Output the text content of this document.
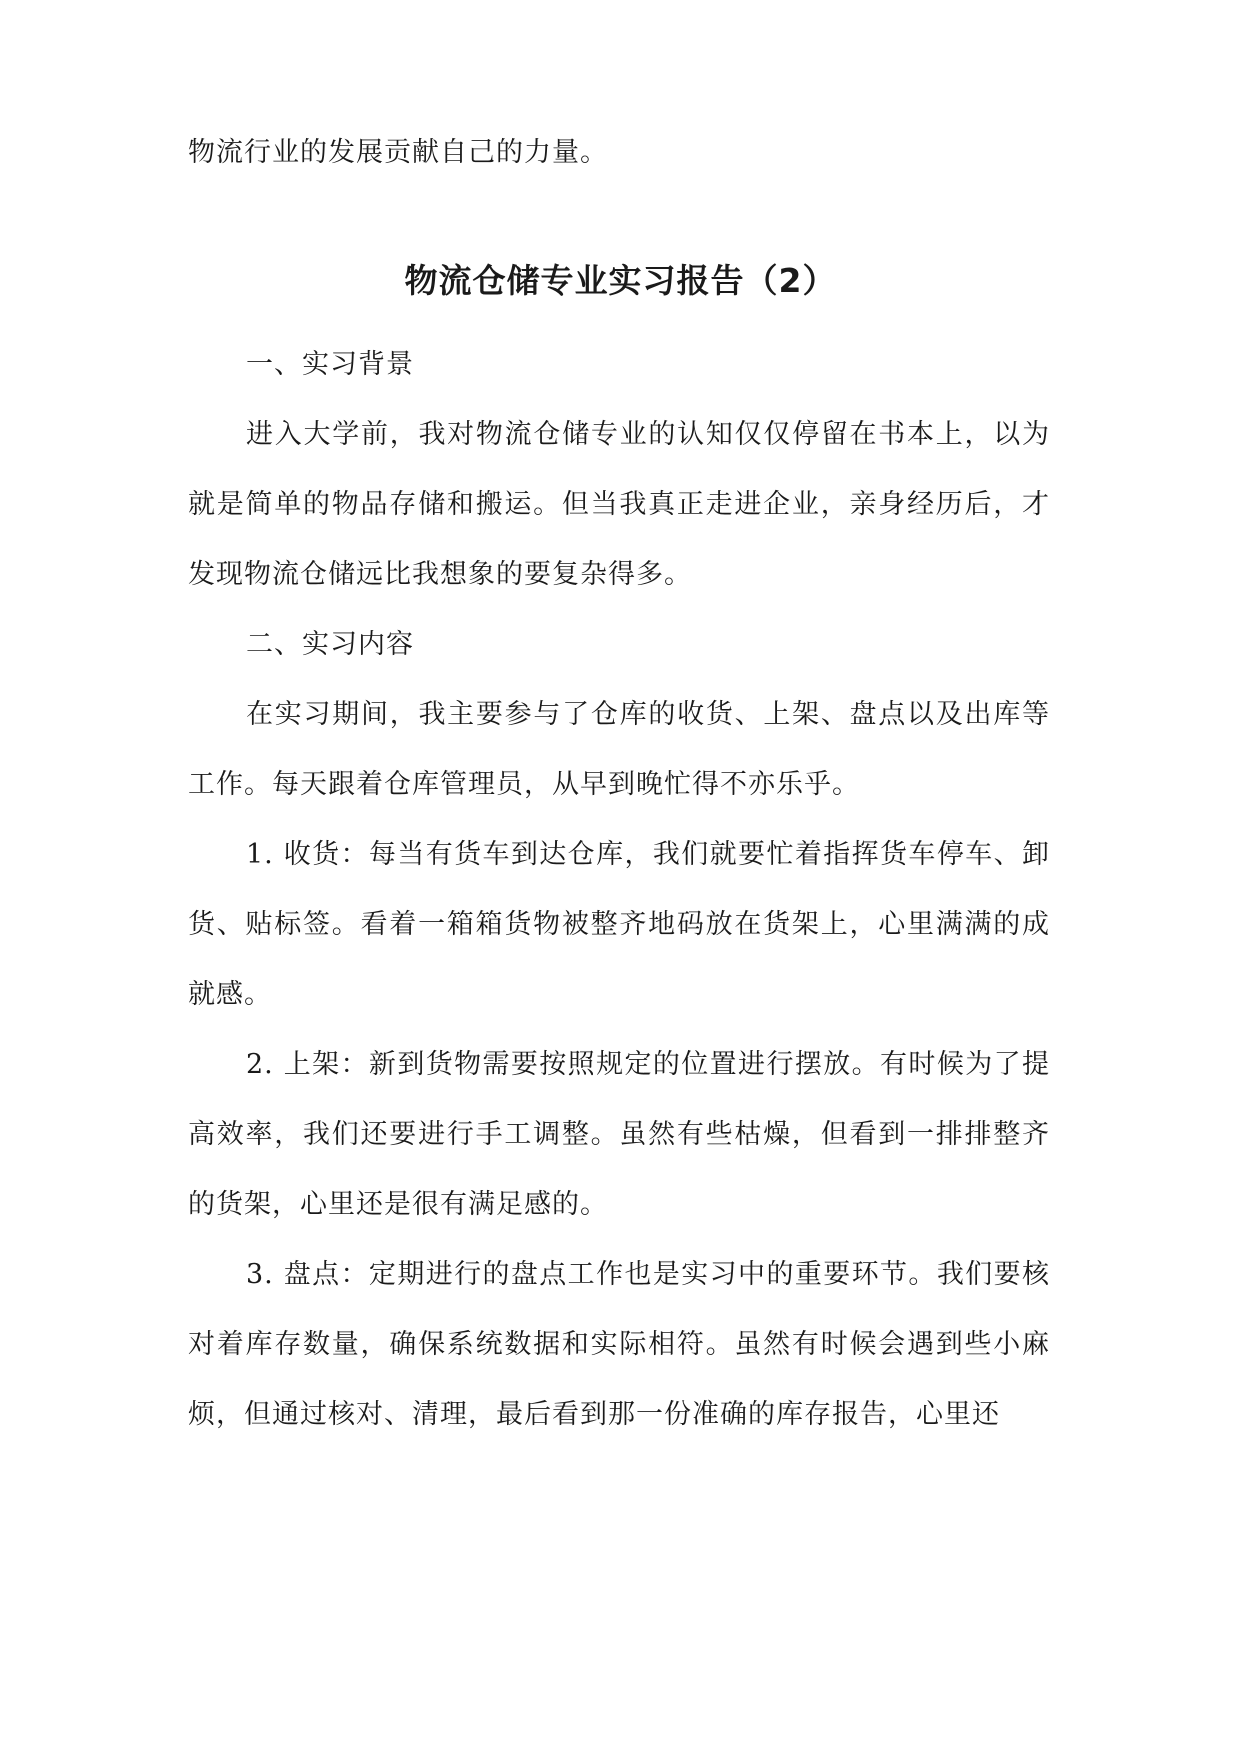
物流行业的发展贡献自己的力量。

物流仓储专业实习报告（2）

一、实习背景

进入大学前，我对物流仓储专业的认知仅仅停留在书本上，以为就是简单的物品存储和搬运。但当我真正走进企业，亲身经历后，才发现物流仓储远比我想象的要复杂得多。

二、实习内容

在实习期间，我主要参与了仓库的收货、上架、盘点以及出库等工作。每天跟着仓库管理员，从早到晚忙得不亦乐乎。

1. 收货：每当有货车到达仓库，我们就要忙着指挥货车停车、卸货、贴标签。看着一箱箱货物被整齐地码放在货架上，心里满满的成就感。

2. 上架：新到货物需要按照规定的位置进行摆放。有时候为了提高效率，我们还要进行手工调整。虽然有些枯燥，但看到一排排整齐的货架，心里还是很有满足感的。

3. 盘点：定期进行的盘点工作也是实习中的重要环节。我们要核对着库存数量，确保系统数据和实际相符。虽然有时候会遇到些小麻烦，但通过核对、清理，最后看到那一份准确的库存报告，心里还
